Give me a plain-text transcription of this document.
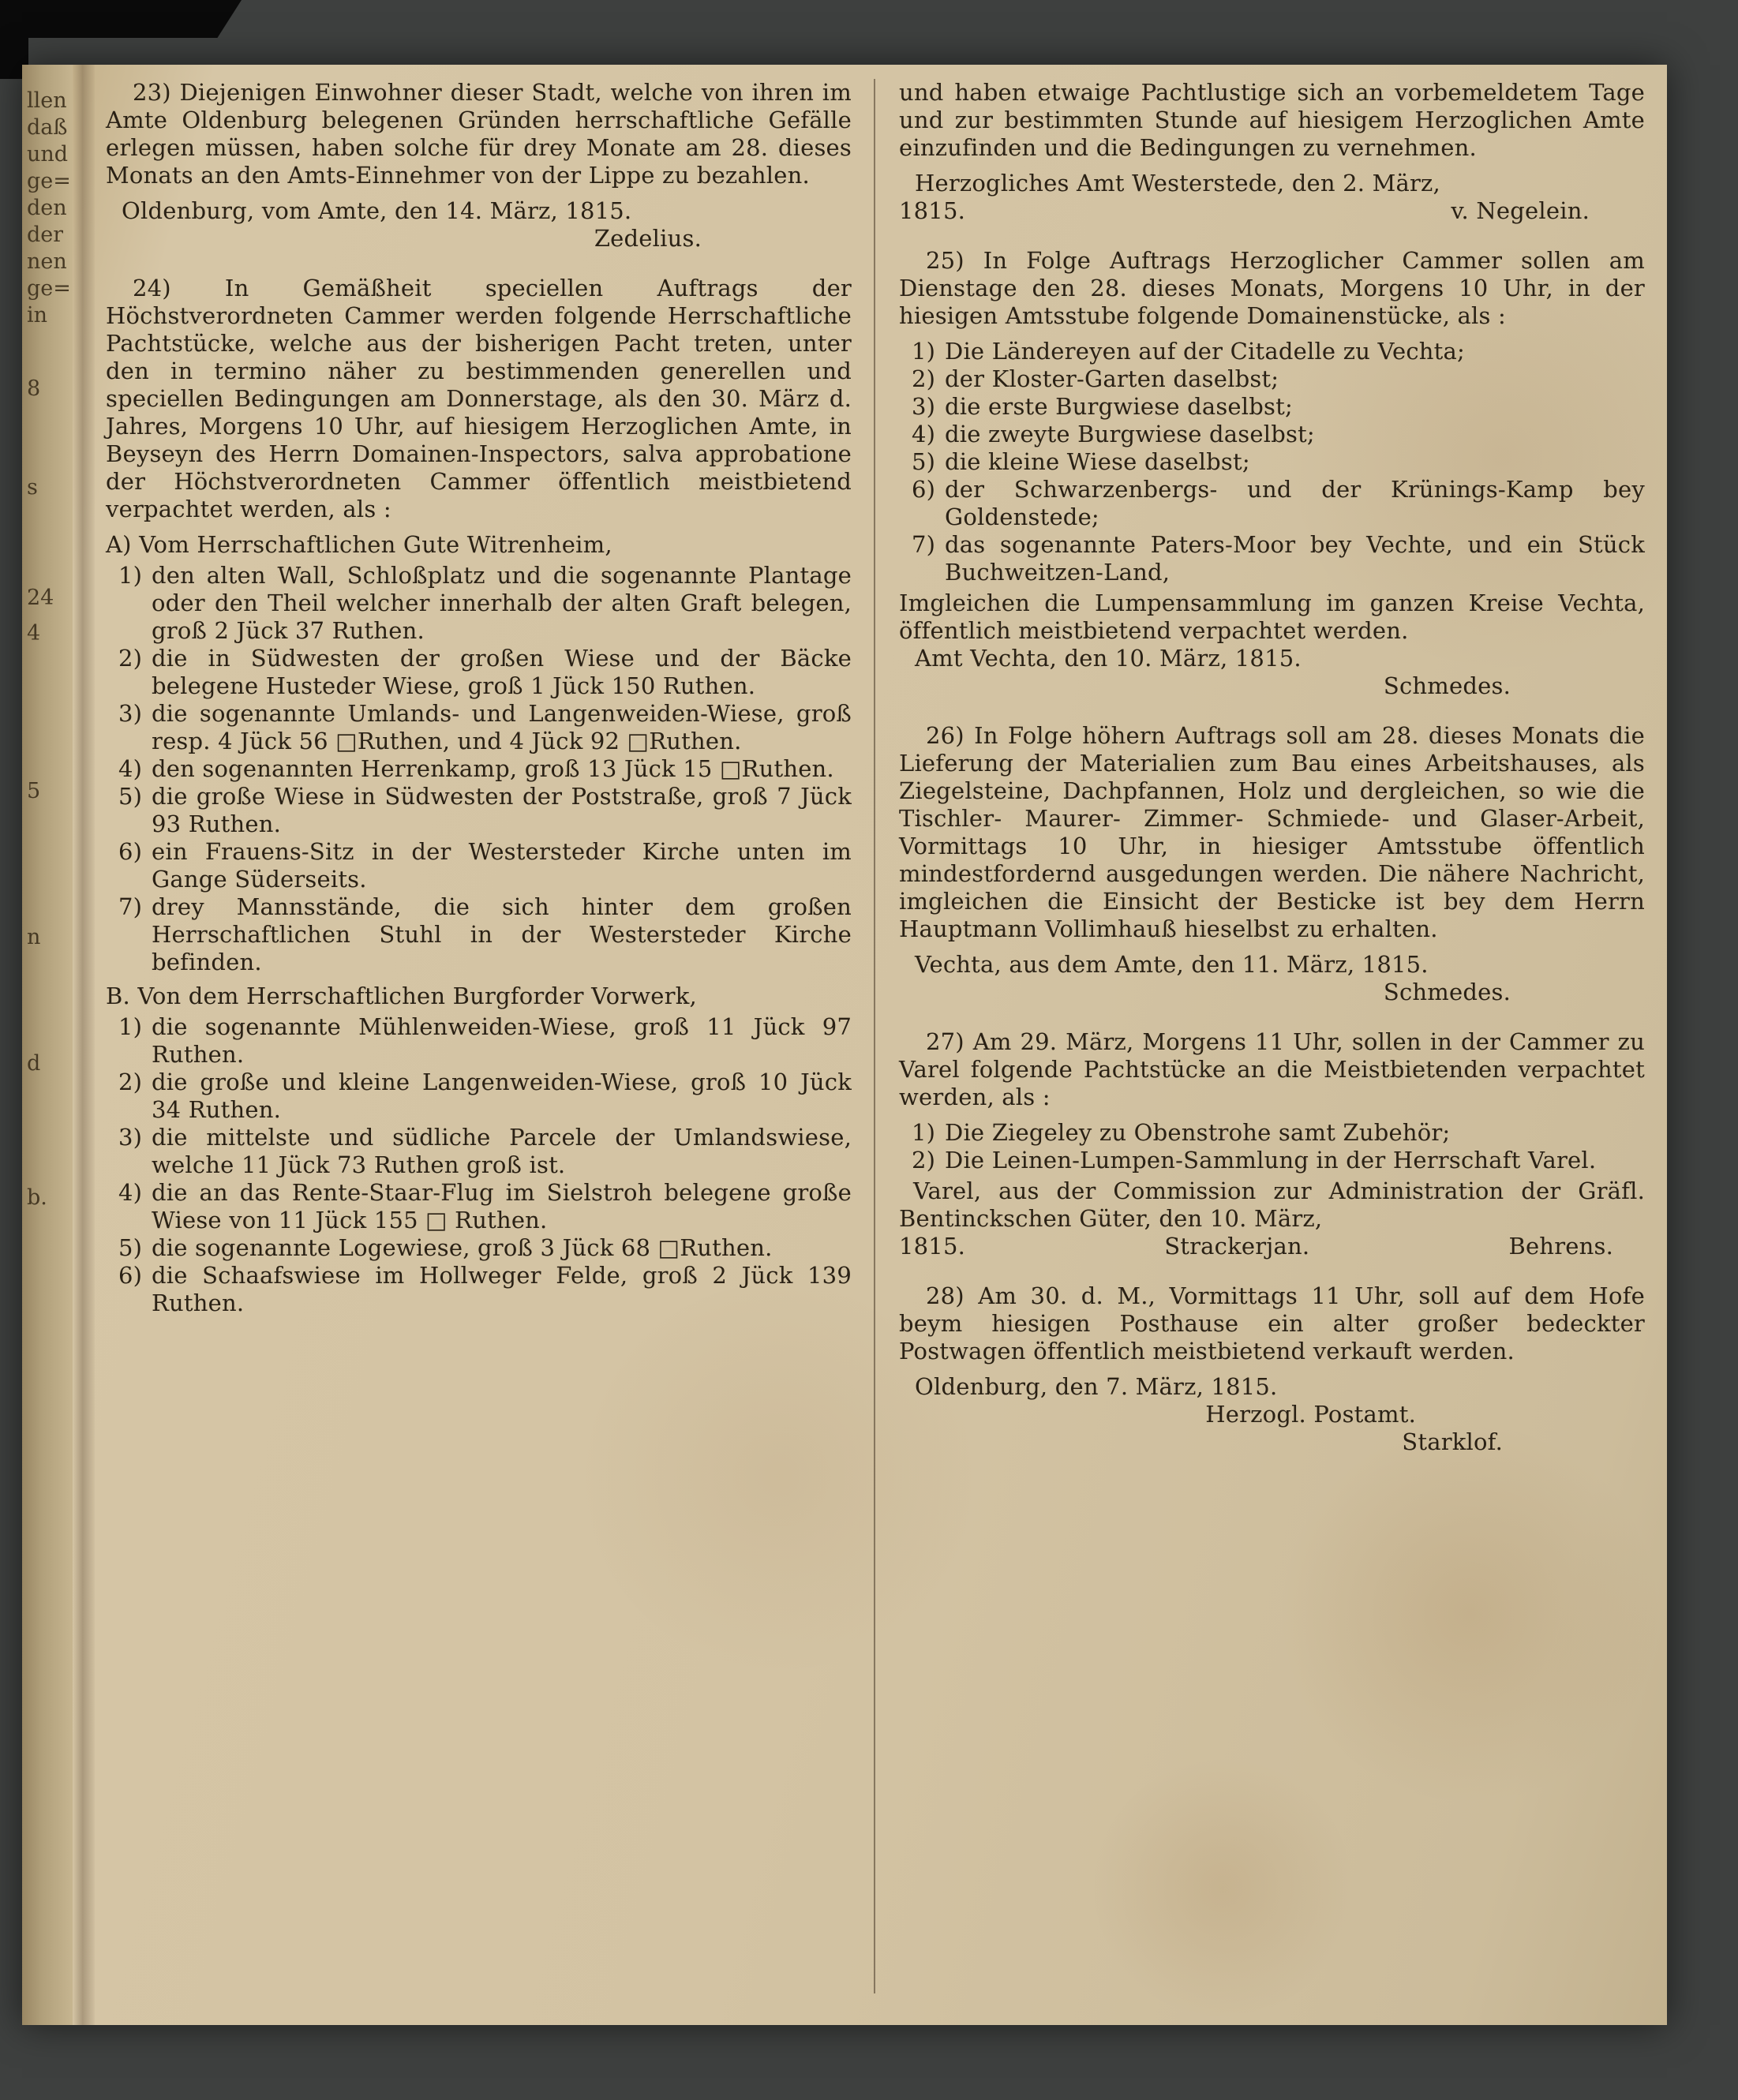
llen
daß
und
ge=
den
der
nen
ge=
in
8
s
24
4
5
n
d
b.

23) Diejenigen Einwohner dieser Stadt, welche von ihren im Amte Oldenburg belegenen Gründen herrschaftliche Gefälle erlegen müssen, haben solche für drey Monate am 28. dieses Monats an den Amts-Einnehmer von der Lippe zu bezahlen.

Oldenburg, vom Amte, den 14. März, 1815.
Zedelius.

24) In Gemäßheit speciellen Auftrags der Höchstverordneten Cammer werden folgende Herrschaftliche Pachtstücke, welche aus der bisherigen Pacht treten, unter den in termino näher zu bestimmenden generellen und speciellen Bedingungen am Donnerstage, als den 30. März d. Jahres, Morgens 10 Uhr, auf hiesigem Herzoglichen Amte, in Beyseyn des Herrn Domainen-Inspectors, salva approbatione der Höchstverordneten Cammer öffentlich meistbietend verpachtet werden, als :

A) Vom Herrschaftlichen Gute Witrenheim,
1) den alten Wall, Schloßplatz und die sogenannte Plantage oder den Theil welcher innerhalb der alten Graft belegen, groß 2 Jück 37 Ruthen.
2) die in Südwesten der großen Wiese und der Bäcke belegene Husteder Wiese, groß 1 Jück 150 Ruthen.
3) die sogenannte Umlands- und Langenweiden-Wiese, groß resp. 4 Jück 56 □Ruthen, und 4 Jück 92 □Ruthen.
4) den sogenannten Herrenkamp, groß 13 Jück 15 □Ruthen.
5) die große Wiese in Südwesten der Poststraße, groß 7 Jück 93 Ruthen.
6) ein Frauens-Sitz in der Westersteder Kirche unten im Gange Süderseits.
7) drey Mannsstände, die sich hinter dem großen Herrschaftlichen Stuhl in der Westersteder Kirche befinden.
B. Von dem Herrschaftlichen Burgforder Vorwerk,
1) die sogenannte Mühlenweiden-Wiese, groß 11 Jück 97 Ruthen.
2) die große und kleine Langenweiden-Wiese, groß 10 Jück 34 Ruthen.
3) die mittelste und südliche Parcele der Umlandswiese, welche 11 Jück 73 Ruthen groß ist.
4) die an das Rente-Staar-Flug im Sielstroh belegene große Wiese von 11 Jück 155 □ Ruthen.
5) die sogenannte Logewiese, groß 3 Jück 68 □Ruthen.
6) die Schaafswiese im Hollweger Felde, groß 2 Jück 139 Ruthen.

und haben etwaige Pachtlustige sich an vorbemeldetem Tage und zur bestimmten Stunde auf hiesigem Herzoglichen Amte einzufinden und die Bedingungen zu vernehmen.

Herzogliches Amt Westerstede, den 2. März,
1815.	v. Negelein.

25) In Folge Auftrags Herzoglicher Cammer sollen am Dienstage den 28. dieses Monats, Morgens 10 Uhr, in der hiesigen Amtsstube folgende Domainenstücke, als :

1) Die Ländereyen auf der Citadelle zu Vechta;
2) der Kloster-Garten daselbst;
3) die erste Burgwiese daselbst;
4) die zweyte Burgwiese daselbst;
5) die kleine Wiese daselbst;
6) der Schwarzenbergs- und der Krünings-Kamp bey Goldenstede;
7) das sogenannte Paters-Moor bey Vechte, und ein Stück Buchweitzen-Land,

Imgleichen die Lumpensammlung im ganzen Kreise Vechta, öffentlich meistbietend verpachtet werden.

Amt Vechta, den 10. März, 1815.
Schmedes.

26) In Folge höhern Auftrags soll am 28. dieses Monats die Lieferung der Materialien zum Bau eines Arbeitshauses, als Ziegelsteine, Dachpfannen, Holz und dergleichen, so wie die Tischler- Maurer- Zimmer- Schmiede- und Glaser-Arbeit, Vormittags 10 Uhr, in hiesiger Amtsstube öffentlich mindestfordernd ausgedungen werden. Die nähere Nachricht, imgleichen die Einsicht der Besticke ist bey dem Herrn Hauptmann Vollimhauß hieselbst zu erhalten.

Vechta, aus dem Amte, den 11. März, 1815.
Schmedes.

27) Am 29. März, Morgens 11 Uhr, sollen in der Cammer zu Varel folgende Pachtstücke an die Meistbietenden verpachtet werden, als :

1) Die Ziegeley zu Obenstrohe samt Zubehör;
2) Die Leinen-Lumpen-Sammlung in der Herrschaft Varel.

Varel, aus der Commission zur Administration der Gräfl. Bentinckschen Güter, den 10. März,

1815.	Strackerjan.	Behrens.

28) Am 30. d. M., Vormittags 11 Uhr, soll auf dem Hofe beym hiesigen Posthause ein alter großer bedeckter Postwagen öffentlich meistbietend verkauft werden.

Oldenburg, den 7. März, 1815.
Herzogl. Postamt.
Starklof.
